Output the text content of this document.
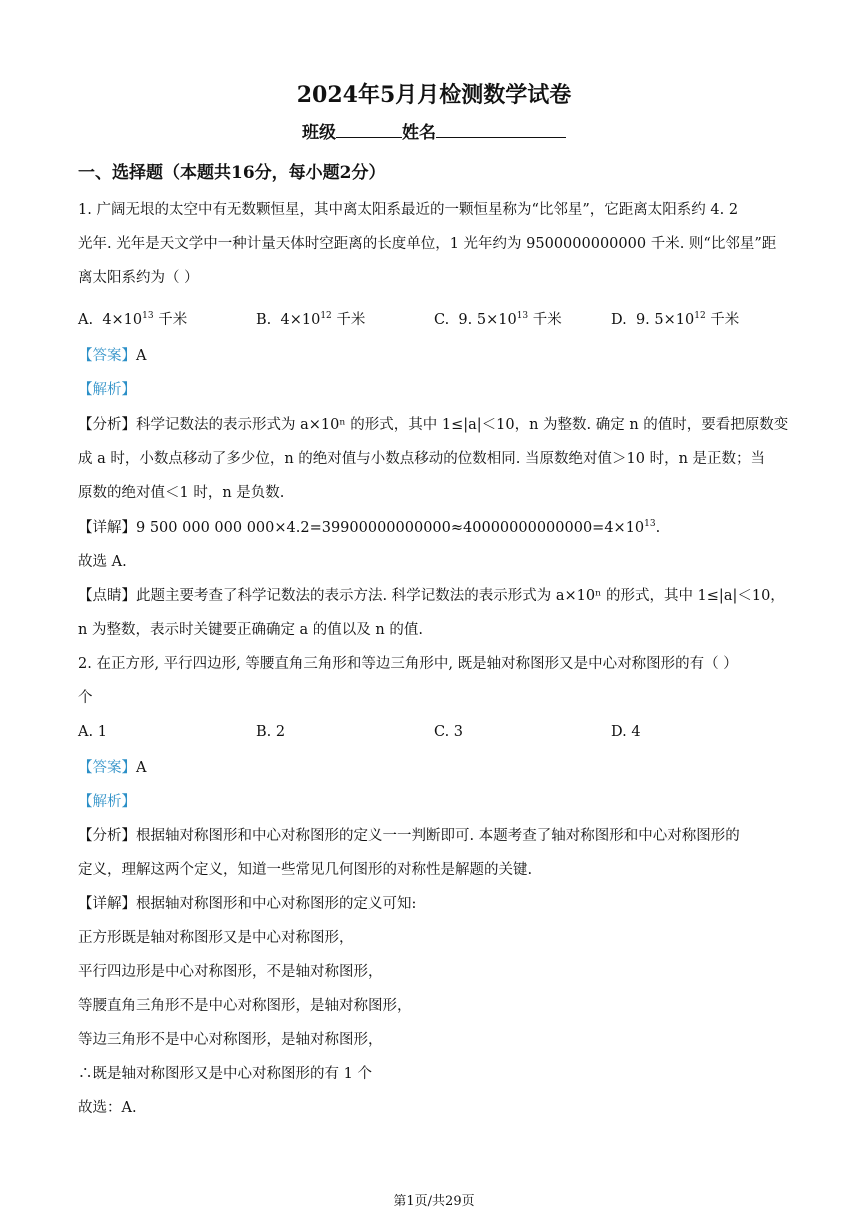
2024年5月月检测数学试卷
班级	姓名
一、选择题（本题共16分，每小题2分）
1. 广阔无垠的太空中有无数颗恒星，其中离太阳系最近的一颗恒星称为“比邻星”，它距离太阳系约 4. 2
光年. 光年是天文学中一种计量天体时空距离的长度单位，1 光年约为 9500000000000 千米. 则“比邻星”距
离太阳系约为（ ）
A. $4\times 10^{13}$ 千米	B. $4\times 10^{12}$ 千米	C. 9. $5\times 10^{13}$ 千米	D. 9. $5\times 10^{12}$ 千米
【答案】A
【解析】
【分析】科学记数法的表示形式为 a×10ⁿ 的形式，其中 1≤|a|＜10，n 为整数. 确定 n 的值时，要看把原数变
成 a 时，小数点移动了多少位，n 的绝对值与小数点移动的位数相同. 当原数绝对值＞10 时，n 是正数；当
原数的绝对值＜1 时，n 是负数.
【详解】9 500 000 000 $000\times 4.2=39900000000000\approx 40000000000000=4\times 10^{13}$.
故选 A.
【点睛】此题主要考查了科学记数法的表示方法. 科学记数法的表示形式为 a×10ⁿ 的形式，其中 1≤|a|＜10，
n 为整数，表示时关键要正确确定 a 的值以及 n 的值.
2. 在正方形, 平行四边形, 等腰直角三角形和等边三角形中, 既是轴对称图形又是中心对称图形的有（ ）
个
A. 1	B. 2	C. 3	D. 4
【答案】A
【解析】
【分析】根据轴对称图形和中心对称图形的定义一一判断即可. 本题考查了轴对称图形和中心对称图形的
定义，理解这两个定义，知道一些常见几何图形的对称性是解题的关键.
【详解】根据轴对称图形和中心对称图形的定义可知:
正方形既是轴对称图形又是中心对称图形，
平行四边形是中心对称图形，不是轴对称图形，
等腰直角三角形不是中心对称图形，是轴对称图形，
等边三角形不是中心对称图形，是轴对称图形，
∴既是轴对称图形又是中心对称图形的有 1 个
故选：A.
第1页/共29页
